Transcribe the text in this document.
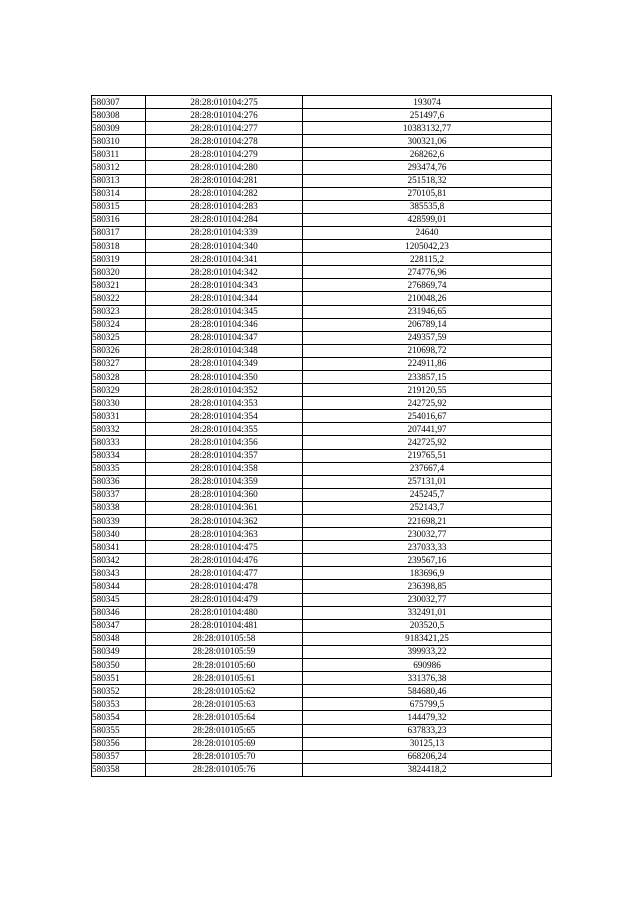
580307	28:28:010104:275	193074
580308	28:28:010104:276	251497,6
580309	28:28:010104:277	10383132,77
580310	28:28:010104:278	300321,06
580311	28:28:010104:279	268262,6
580312	28:28:010104:280	293474,76
580313	28:28:010104:281	251518,32
580314	28:28:010104:282	270105,81
580315	28:28:010104:283	385535,8
580316	28:28:010104:284	428599,01
580317	28:28:010104:339	24640
580318	28:28:010104:340	1205042,23
580319	28:28:010104:341	228115,2
580320	28:28:010104:342	274776,96
580321	28:28:010104:343	276869,74
580322	28:28:010104:344	210048,26
580323	28:28:010104:345	231946,65
580324	28:28:010104:346	206789,14
580325	28:28:010104:347	249357,59
580326	28:28:010104:348	210698,72
580327	28:28:010104:349	224911,86
580328	28:28:010104:350	233857,15
580329	28:28:010104:352	219120,55
580330	28:28:010104:353	242725,92
580331	28:28:010104:354	254016,67
580332	28:28:010104:355	207441,97
580333	28:28:010104:356	242725,92
580334	28:28:010104:357	219765,51
580335	28:28:010104:358	237667,4
580336	28:28:010104:359	257131,01
580337	28:28:010104:360	245245,7
580338	28:28:010104:361	252143,7
580339	28:28:010104:362	221698,21
580340	28:28:010104:363	230032,77
580341	28:28:010104:475	237033,33
580342	28:28:010104:476	239567,16
580343	28:28:010104:477	183696,9
580344	28:28:010104:478	236398,85
580345	28:28:010104:479	230032,77
580346	28:28:010104:480	332491,01
580347	28:28:010104:481	203520,5
580348	28:28:010105:58	9183421,25
580349	28:28:010105:59	399933,22
580350	28:28:010105:60	690986
580351	28:28:010105:61	331376,38
580352	28:28:010105:62	584680,46
580353	28:28:010105:63	675799,5
580354	28:28:010105:64	144479,32
580355	28:28:010105:65	637833,23
580356	28:28:010105:69	30125,13
580357	28:28:010105:70	668206,24
580358	28:28:010105:76	3824418,2
